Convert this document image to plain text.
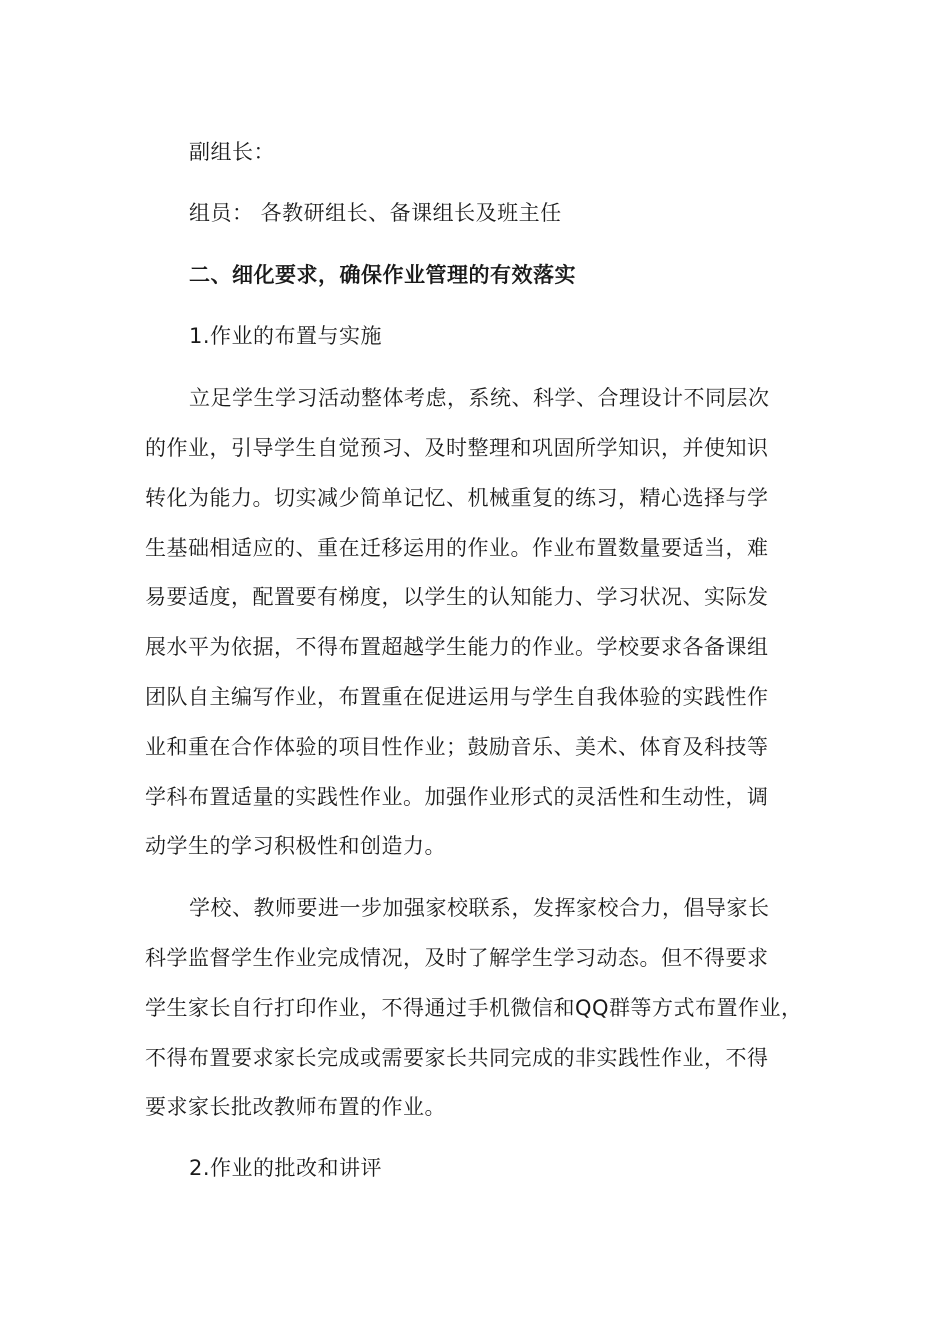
副组长：
组员： 各教研组长、备课组长及班主任
二、细化要求，确保作业管理的有效落实
1.作业的布置与实施
立足学生学习活动整体考虑，系统、科学、合理设计不同层次
的作业，引导学生自觉预习、及时整理和巩固所学知识，并使知识
转化为能力。切实减少简单记忆、机械重复的练习，精心选择与学
生基础相适应的、重在迁移运用的作业。作业布置数量要适当，难
易要适度，配置要有梯度，以学生的认知能力、学习状况、实际发
展水平为依据，不得布置超越学生能力的作业。学校要求各备课组
团队自主编写作业，布置重在促进运用与学生自我体验的实践性作
业和重在合作体验的项目性作业；鼓励音乐、美术、体育及科技等
学科布置适量的实践性作业。加强作业形式的灵活性和生动性，调
动学生的学习积极性和创造力。
学校、教师要进一步加强家校联系，发挥家校合力，倡导家长
科学监督学生作业完成情况，及时了解学生学习动态。但不得要求
学生家长自行打印作业，不得通过手机微信和QQ群等方式布置作业，
不得布置要求家长完成或需要家长共同完成的非实践性作业，不得
要求家长批改教师布置的作业。
2.作业的批改和讲评
